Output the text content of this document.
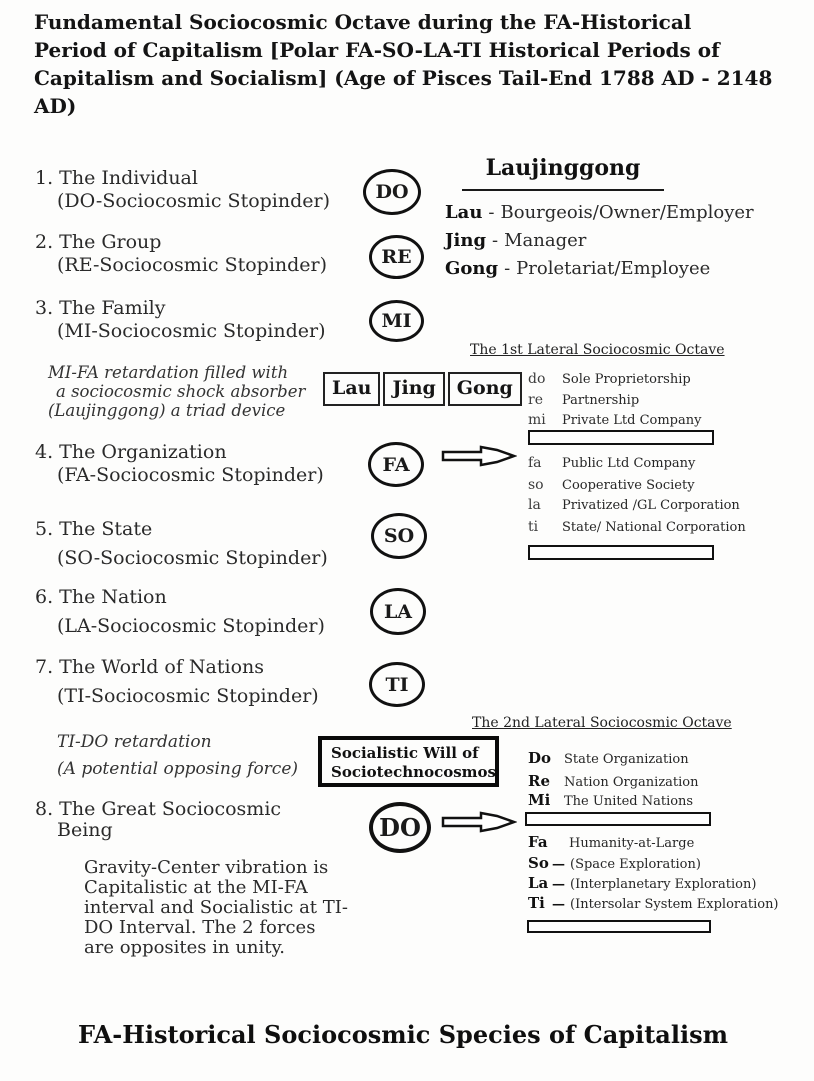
Fundamental Sociocosmic Octave during the FA-Historical
Period of Capitalism [Polar FA-SO-LA-TI Historical Periods of
Capitalism and Socialism] (Age of Pisces Tail-End 1788 AD - 2148 AD)
1. The Individual
(DO-Sociocosmic Stopinder)
2. The Group
(RE-Sociocosmic Stopinder)
3. The Family
(MI-Sociocosmic Stopinder)
4. The Organization
(FA-Sociocosmic Stopinder)
5. The State
(SO-Sociocosmic Stopinder)
6. The Nation
(LA-Sociocosmic Stopinder)
7. The World of Nations
(TI-Sociocosmic Stopinder)
8. The Great Sociocosmic
Being
MI-FA retardation filled with
a sociocosmic shock absorber
(Laujinggong) a triad device
TI-DO retardation
(A potential opposing force)
Gravity-Center vibration is
Capitalistic at the MI-FA
interval and Socialistic at TI-
DO Interval. The 2 forces
are opposites in unity.
DO
RE
MI
FA
SO
LA
TI
DO
Laujinggong
Lau - Bourgeois/Owner/Employer
Jing - Manager
Gong - Proletariat/Employee
Lau	Jing	Gong
The 1st Lateral Sociocosmic Octave
do Sole Proprietorship
re Partnership
mi Private Ltd Company
fa Public Ltd Company
so Cooperative Society
la Privatized /GL Corporation
ti State/ National Corporation
The 2nd Lateral Sociocosmic Octave
Do State Organization
Re Nation Organization
Mi The United Nations
Fa Humanity-at-Large
So — (Space Exploration)
La — (Interplanetary Exploration)
Ti — (Intersolar System Exploration)
Socialistic Will of
Sociotechnocosmos
FA-Historical Sociocosmic Species of Capitalism
